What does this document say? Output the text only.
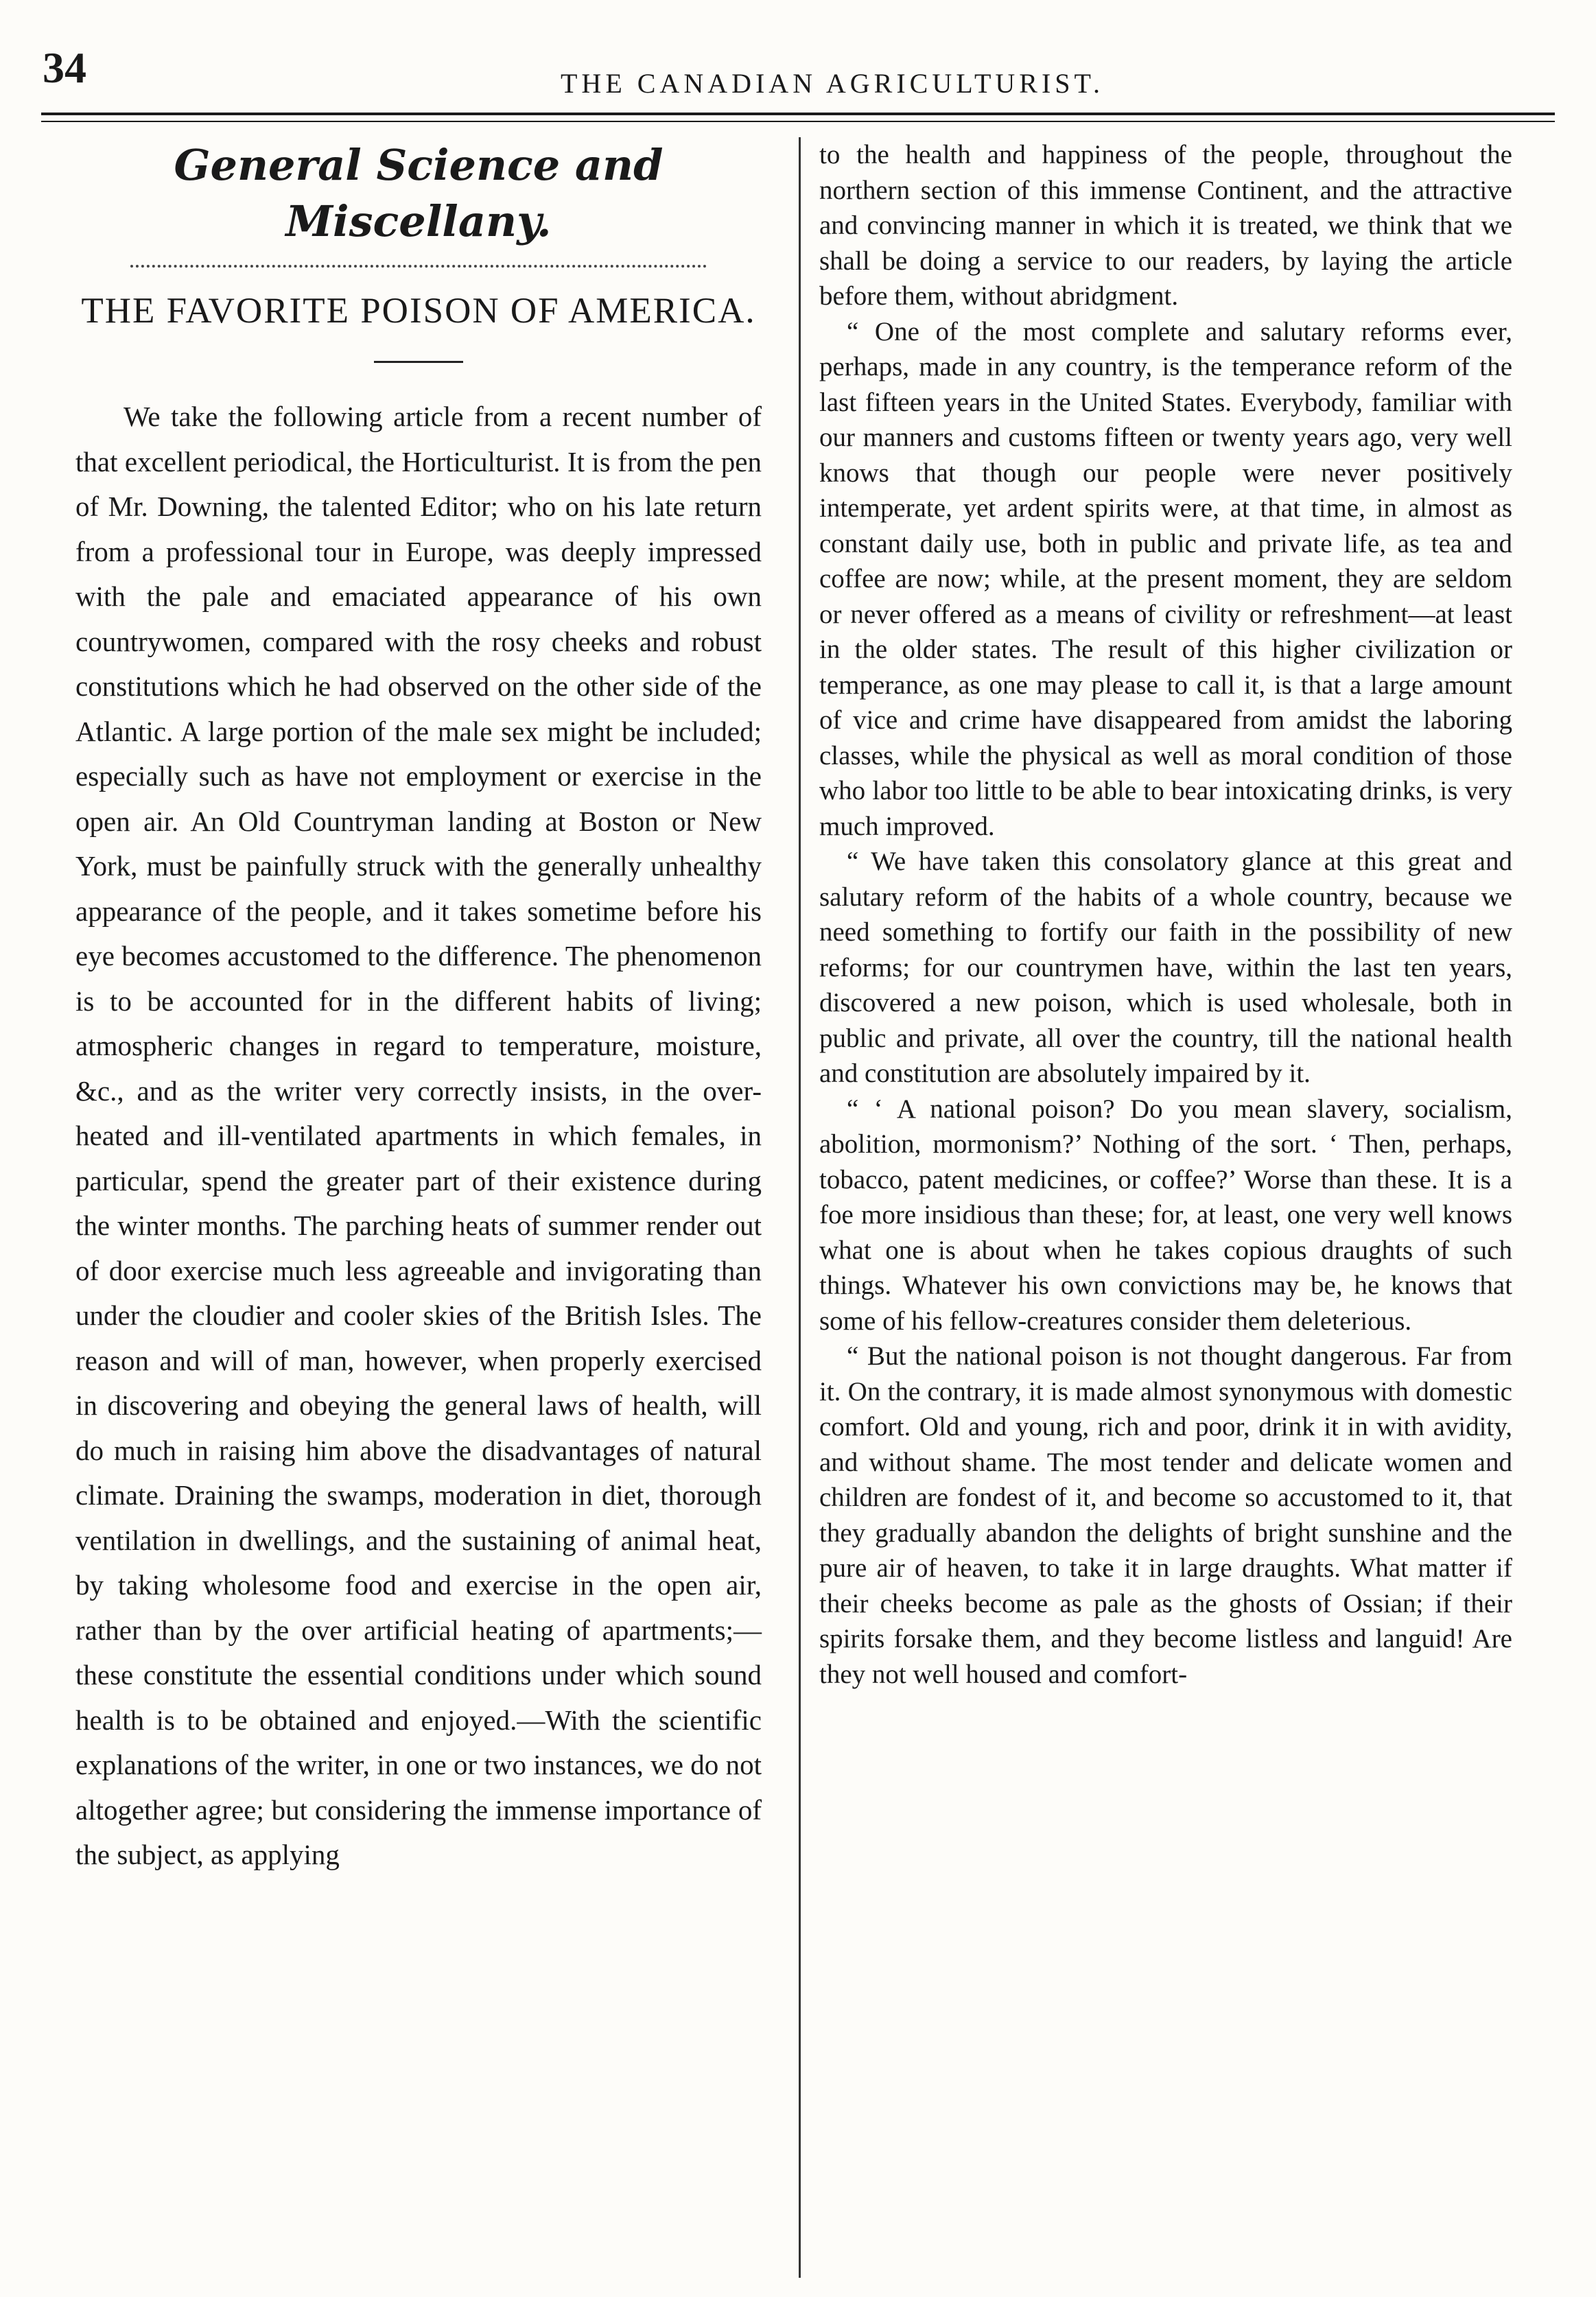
34	THE CANADIAN AGRICULTURIST.
General Science and Miscellany.
THE FAVORITE POISON OF AMERICA.

We take the following article from a recent number of that excellent periodical, the Horticulturist. It is from the pen of Mr. Downing, the talented Editor; who on his late return from a professional tour in Europe, was deeply impressed with the pale and emaciated appearance of his own countrywomen, compared with the rosy cheeks and robust constitutions which he had observed on the other side of the Atlantic. A large portion of the male sex might be included; especially such as have not employment or exercise in the open air. An Old Countryman landing at Boston or New York, must be painfully struck with the generally unhealthy appearance of the people, and it takes sometime before his eye becomes accustomed to the difference. The phenomenon is to be accounted for in the different habits of living; atmospheric changes in regard to temperature, moisture, &c., and as the writer very correctly insists, in the over-heated and ill-ventilated apartments in which females, in particular, spend the greater part of their existence during the winter months. The parching heats of summer render out of door exercise much less agreeable and invigorating than under the cloudier and cooler skies of the British Isles. The reason and will of man, however, when properly exercised in discovering and obeying the general laws of health, will do much in raising him above the disadvantages of natural climate. Draining the swamps, moderation in diet, thorough ventilation in dwellings, and the sustaining of animal heat, by taking wholesome food and exercise in the open air, rather than by the over artificial heating of apartments;—these constitute the essential conditions under which sound health is to be obtained and enjoyed.—With the scientific explanations of the writer, in one or two instances, we do not altogether agree; but considering the immense importance of the subject, as applying

to the health and happiness of the people, throughout the northern section of this immense Continent, and the attractive and convincing manner in which it is treated, we think that we shall be doing a service to our readers, by laying the article before them, without abridgment.

“ One of the most complete and salutary reforms ever, perhaps, made in any country, is the temperance reform of the last fifteen years in the United States. Everybody, familiar with our manners and customs fifteen or twenty years ago, very well knows that though our people were never positively intemperate, yet ardent spirits were, at that time, in almost as constant daily use, both in public and private life, as tea and coffee are now; while, at the present moment, they are seldom or never offered as a means of civility or refreshment—at least in the older states. The result of this higher civilization or temperance, as one may please to call it, is that a large amount of vice and crime have disappeared from amidst the laboring classes, while the physical as well as moral condition of those who labor too little to be able to bear intoxicating drinks, is very much improved.

“ We have taken this consolatory glance at this great and salutary reform of the habits of a whole country, because we need something to fortify our faith in the possibility of new reforms; for our countrymen have, within the last ten years, discovered a new poison, which is used wholesale, both in public and private, all over the country, till the national health and constitution are absolutely impaired by it.

“ ‘ A national poison? Do you mean slavery, socialism, abolition, mormonism?’ Nothing of the sort. ‘ Then, perhaps, tobacco, patent medicines, or coffee?’ Worse than these. It is a foe more insidious than these; for, at least, one very well knows what one is about when he takes copious draughts of such things. Whatever his own convictions may be, he knows that some of his fellow-creatures consider them deleterious.

“ But the national poison is not thought dangerous. Far from it. On the contrary, it is made almost synonymous with domestic comfort. Old and young, rich and poor, drink it in with avidity, and without shame. The most tender and delicate women and children are fondest of it, and become so accustomed to it, that they gradually abandon the delights of bright sunshine and the pure air of heaven, to take it in large draughts. What matter if their cheeks become as pale as the ghosts of Ossian; if their spirits forsake them, and they become listless and languid! Are they not well housed and comfort-
